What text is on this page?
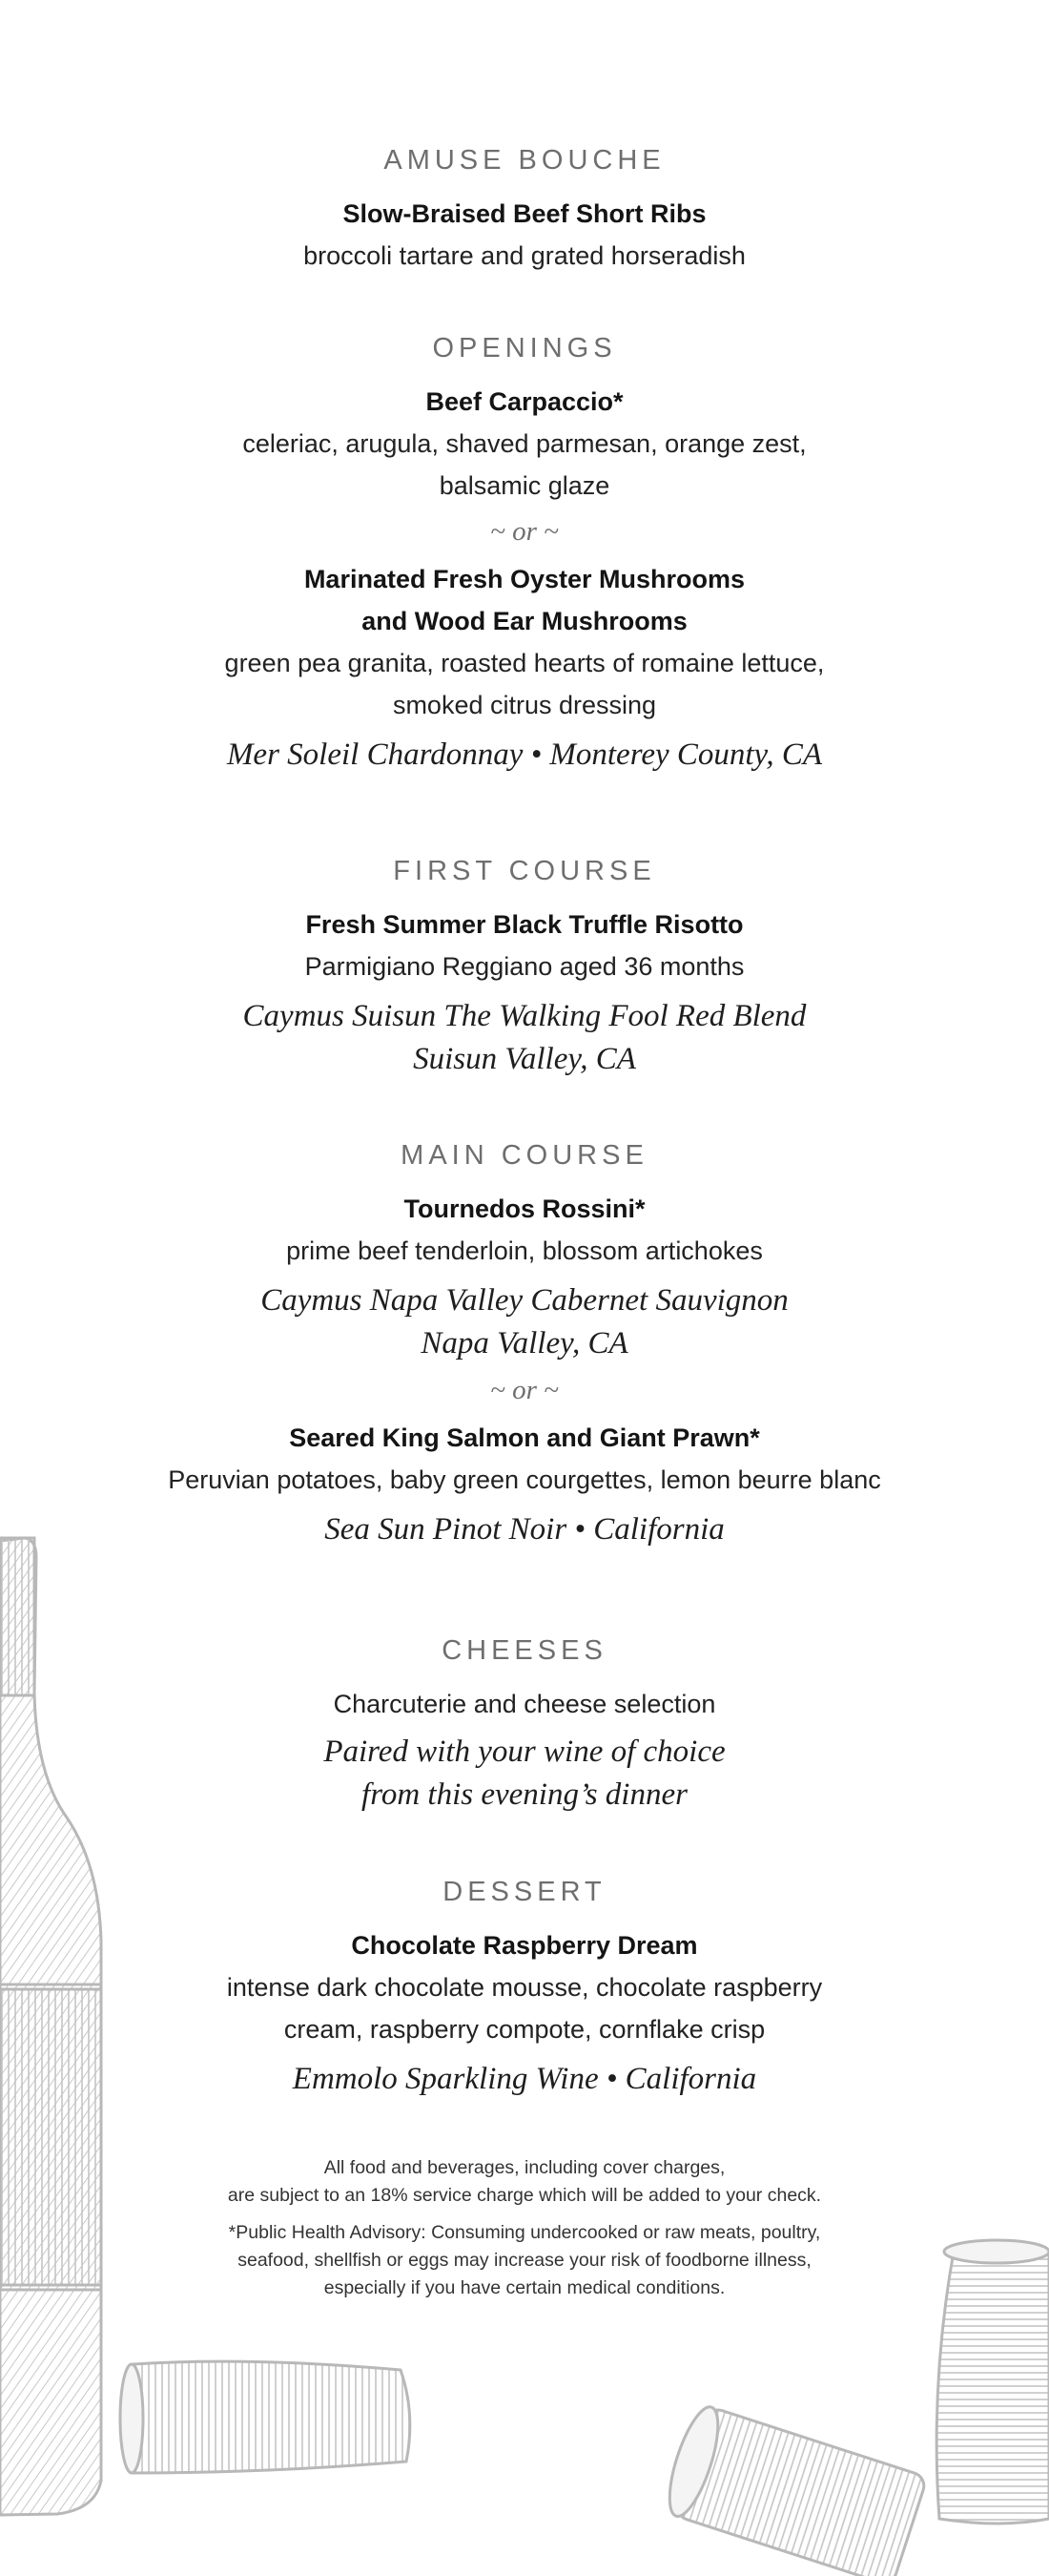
AMUSE BOUCHE
Slow-Braised Beef Short Ribs
broccoli tartare and grated horseradish
OPENINGS
Beef Carpaccio*
celeriac, arugula, shaved parmesan, orange zest,
balsamic glaze
~ or ~
Marinated Fresh Oyster Mushrooms
and Wood Ear Mushrooms
green pea granita, roasted hearts of romaine lettuce,
smoked citrus dressing
Mer Soleil Chardonnay • Monterey County, CA
FIRST COURSE
Fresh Summer Black Truffle Risotto
Parmigiano Reggiano aged 36 months
Caymus Suisun The Walking Fool Red Blend
Suisun Valley, CA
MAIN COURSE
Tournedos Rossini*
prime beef tenderloin, blossom artichokes
Caymus Napa Valley Cabernet Sauvignon
Napa Valley, CA
~ or ~
Seared King Salmon and Giant Prawn*
Peruvian potatoes, baby green courgettes, lemon beurre blanc
Sea Sun Pinot Noir • California
CHEESES
Charcuterie and cheese selection
Paired with your wine of choice
from this evening’s dinner
DESSERT
Chocolate Raspberry Dream
intense dark chocolate mousse, chocolate raspberry
cream, raspberry compote, cornflake crisp
Emmolo Sparkling Wine • California
All food and beverages, including cover charges,
are subject to an 18% service charge which will be added to your check.
*Public Health Advisory: Consuming undercooked or raw meats, poultry,
seafood, shellfish or eggs may increase your risk of foodborne illness,
especially if you have certain medical conditions.
